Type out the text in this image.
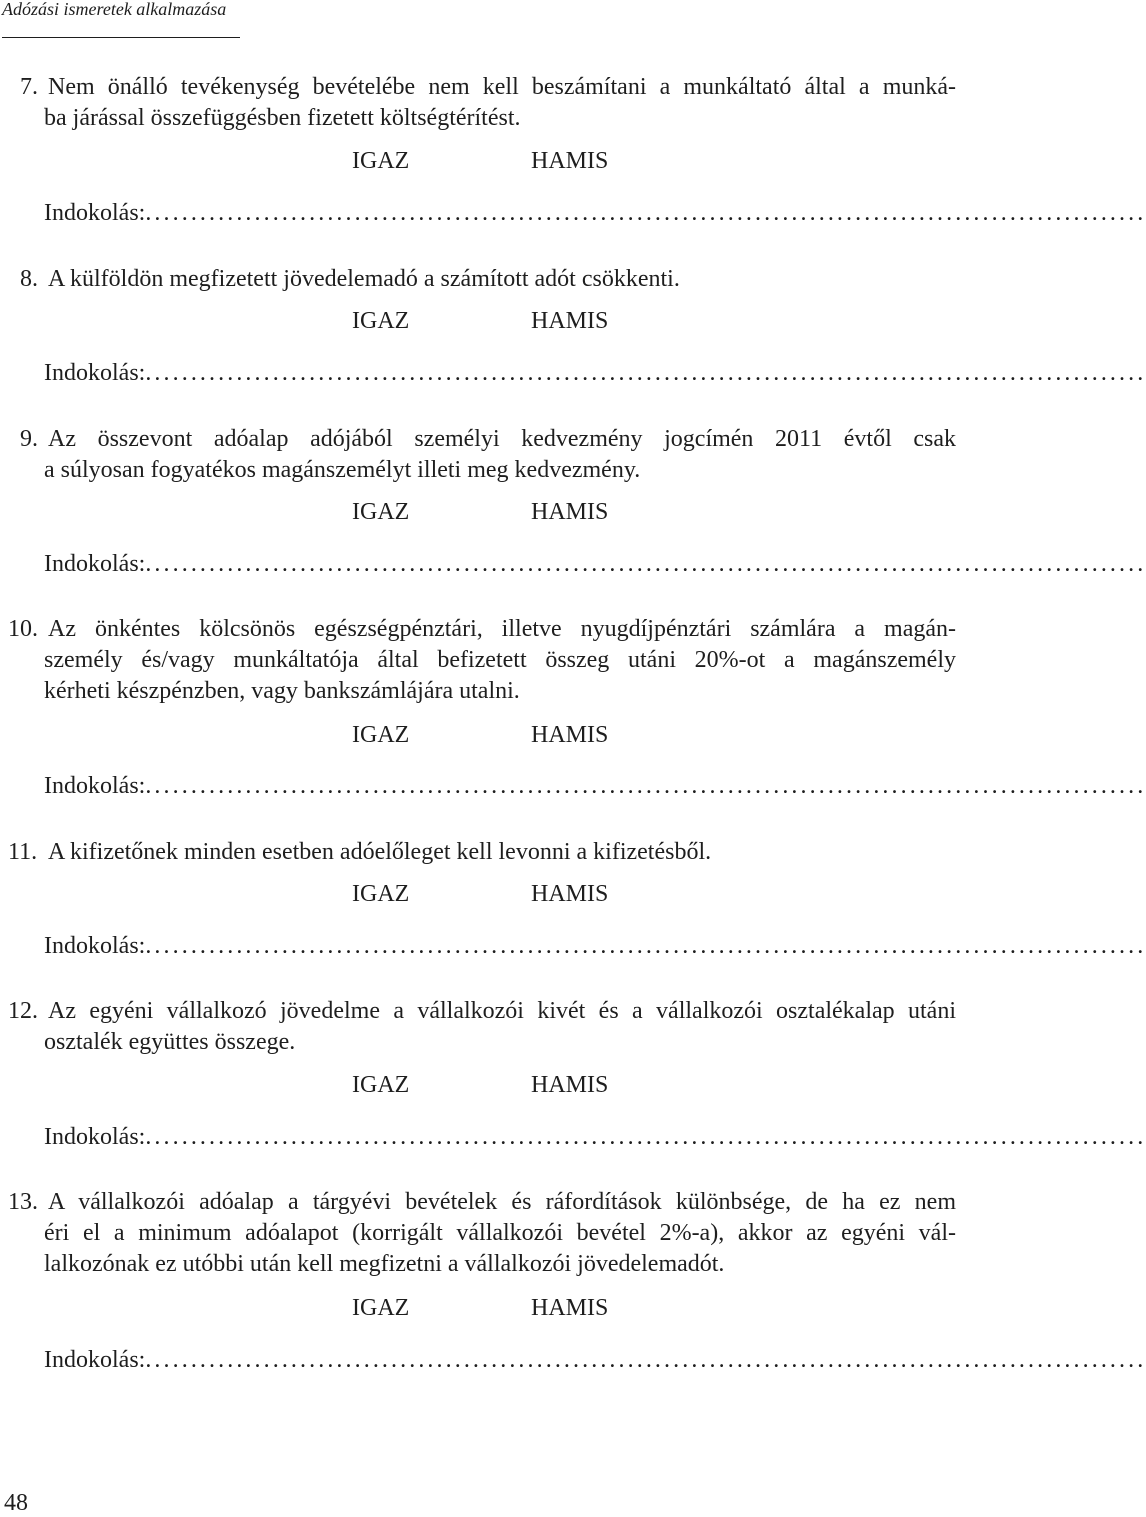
Adózási ismeretek alkalmazása
7. Nem önálló tevékenység bevételébe nem kell beszámítani a munkáltató által a munká-
ba járással összefüggésben fizetett költségtérítést.
IGAZ	HAMIS
Indokolás: ..............................................................................................................
8. A külföldön megfizetett jövedelemadó a számított adót csökkenti.
IGAZ	HAMIS
Indokolás: ..............................................................................................................
9. Az összevont adóalap adójából személyi kedvezmény jogcímén 2011 évtől csak
a súlyosan fogyatékos magánszemélyt illeti meg kedvezmény.
IGAZ	HAMIS
Indokolás: ..............................................................................................................
10. Az önkéntes kölcsönös egészségpénztári, illetve nyugdíjpénztári számlára a magán-
személy és/vagy munkáltatója által befizetett összeg utáni 20%-ot a magánszemély
kérheti készpénzben, vagy bankszámlájára utalni.
IGAZ	HAMIS
Indokolás: ..............................................................................................................
11. A kifizetőnek minden esetben adóelőleget kell levonni a kifizetésből.
IGAZ	HAMIS
Indokolás: ..............................................................................................................
12. Az egyéni vállalkozó jövedelme a vállalkozói kivét és a vállalkozói osztalékalap utáni
osztalék együttes összege.
IGAZ	HAMIS
Indokolás: ..............................................................................................................
13. A vállalkozói adóalap a tárgyévi bevételek és ráfordítások különbsége, de ha ez nem
éri el a minimum adóalapot (korrigált vállalkozói bevétel 2%-a), akkor az egyéni vál-
lalkozónak ez utóbbi után kell megfizetni a vállalkozói jövedelemadót.
IGAZ	HAMIS
Indokolás: ..............................................................................................................
48
